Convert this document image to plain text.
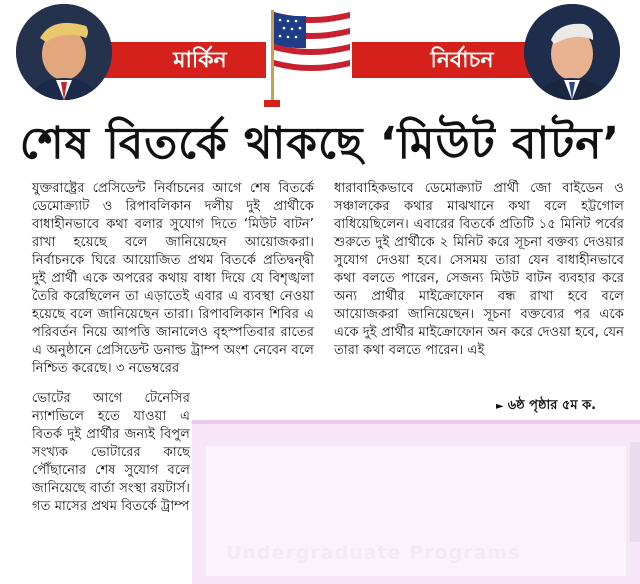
মার্কিন	নির্বাচন
শেষ বিতর্কে থাকছে ‘মিউট বাটন’

যুক্তরাষ্ট্রের প্রেসিডেন্ট নির্বাচনের আগে শেষ বিতর্কে ডেমোক্র্যাট ও রিপাবলিকান দলীয় দুই প্রার্থীকে বাধাহীনভাবে কথা বলার সুযোগ দিতে ‘মিউট বাটন’ রাখা হয়েছে বলে জানিয়েছেন আয়োজকরা। নির্বাচনকে ঘিরে আয়োজিত প্রথম বিতর্কে প্রতিদ্বন্দ্বী দুই প্রার্থী একে অপরের কথায় বাধা দিয়ে যে বিশৃঙ্খলা তৈরি করেছিলেন তা এড়াতেই এবার এ ব্যবস্থা নেওয়া হয়েছে বলে জানিয়েছেন তারা। রিপাবলিকান শিবির এ পরিবর্তন নিয়ে আপত্তি জানালেও বৃহস্পতিবার রাতের এ অনুষ্ঠানে প্রেসিডেন্ট ডনাল্ড ট্রাম্প অংশ নেবেন বলে নিশ্চিত করেছে। ৩ নভেম্বরের

ভোটের আগে টেনেসির ন্যাশভিলে হতে যাওয়া এ বিতর্ক দুই প্রার্থীর জন্যই বিপুল সংখ্যক ভোটারের কাছে পৌঁছানোর শেষ সুযোগ বলে জানিয়েছে বার্তা সংস্থা রয়টার্স। গত মাসের প্রথম বিতর্কে ট্রাম্প

ধারাবাহিকভাবে ডেমোক্র্যাট প্রার্থী জো বাইডেন ও সঞ্চালকের কথার মাঝখানে কথা বলে হট্টগোল বাধিয়েছিলেন। এবারের বিতর্কে প্রতিটি ১৫ মিনিট পর্বের শুরুতে দুই প্রার্থীকে ২ মিনিট করে সূচনা বক্তব্য দেওয়ার সুযোগ দেওয়া হবে। সেসময় তারা যেন বাধাহীনভাবে কথা বলতে পারেন, সেজন্য মিউট বাটন ব্যবহার করে অন্য প্রার্থীর মাইক্রোফোন বন্ধ রাখা হবে বলে আয়োজকরা জানিয়েছেন। সূচনা বক্তব্যের পর একে একে দুই প্রার্থীর মাইক্রোফোন অন করে দেওয়া হবে, যেন তারা কথা বলতে পারেন। এই

► ৬ষ্ঠ পৃষ্ঠার ৫ম ক.
Undergraduate Programs
